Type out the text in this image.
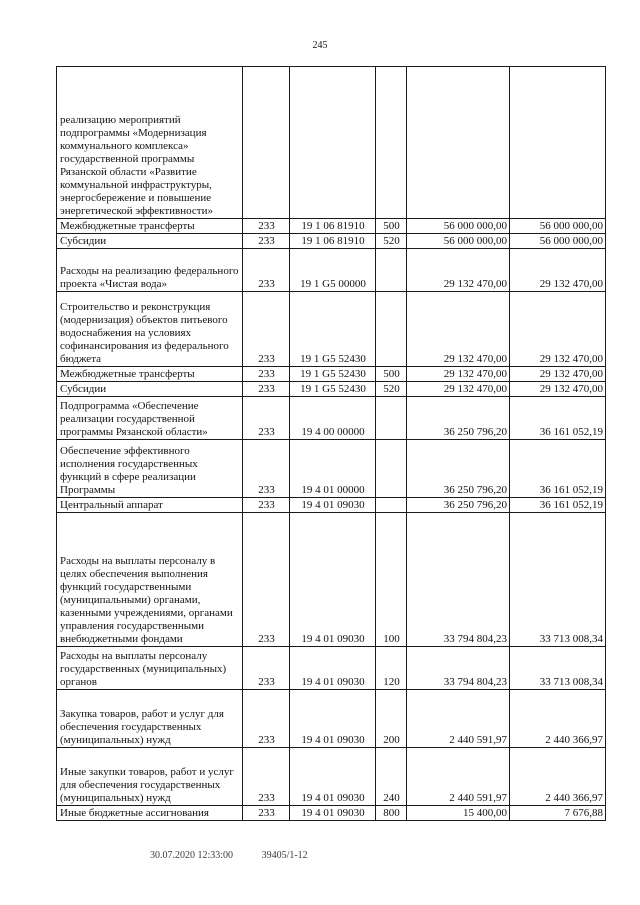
245
реализацию мероприятий подпрограммы «Модернизация коммунального комплекса» государственной программы Рязанской области «Развитие коммунальной инфраструктуры, энергосбережение и повышение энергетической эффективности»					
Межбюджетные трансферты	233	19 1 06 81910	500	56 000 000,00	56 000 000,00
Субсидии	233	19 1 06 81910	520	56 000 000,00	56 000 000,00
Расходы на реализацию федерального проекта «Чистая вода»	233	19 1 G5 00000		29 132 470,00	29 132 470,00
Строительство и реконструкция (модернизация) объектов питьевого водоснабжения на условиях софинансирования из федерального бюджета	233	19 1 G5 52430		29 132 470,00	29 132 470,00
Межбюджетные трансферты	233	19 1 G5 52430	500	29 132 470,00	29 132 470,00
Субсидии	233	19 1 G5 52430	520	29 132 470,00	29 132 470,00
Подпрограмма «Обеспечение реализации государственной программы Рязанской области»	233	19 4 00 00000		36 250 796,20	36 161 052,19
Обеспечение эффективного исполнения государственных функций в сфере реализации Программы	233	19 4 01 00000		36 250 796,20	36 161 052,19
Центральный аппарат	233	19 4 01 09030		36 250 796,20	36 161 052,19
Расходы на выплаты персоналу в целях обеспечения выполнения функций государственными (муниципальными) органами, казенными учреждениями, органами управления государственными внебюджетными фондами	233	19 4 01 09030	100	33 794 804,23	33 713 008,34
Расходы на выплаты персоналу государственных (муниципальных) органов	233	19 4 01 09030	120	33 794 804,23	33 713 008,34
Закупка товаров, работ и услуг для обеспечения государственных (муниципальных) нужд	233	19 4 01 09030	200	2 440 591,97	2 440 366,97
Иные закупки товаров, работ и услуг для обеспечения государственных (муниципальных) нужд	233	19 4 01 09030	240	2 440 591,97	2 440 366,97
Иные бюджетные ассигнования	233	19 4 01 09030	800	15 400,00	7 676,88
30.07.2020 12:33:00	39405/1-12
